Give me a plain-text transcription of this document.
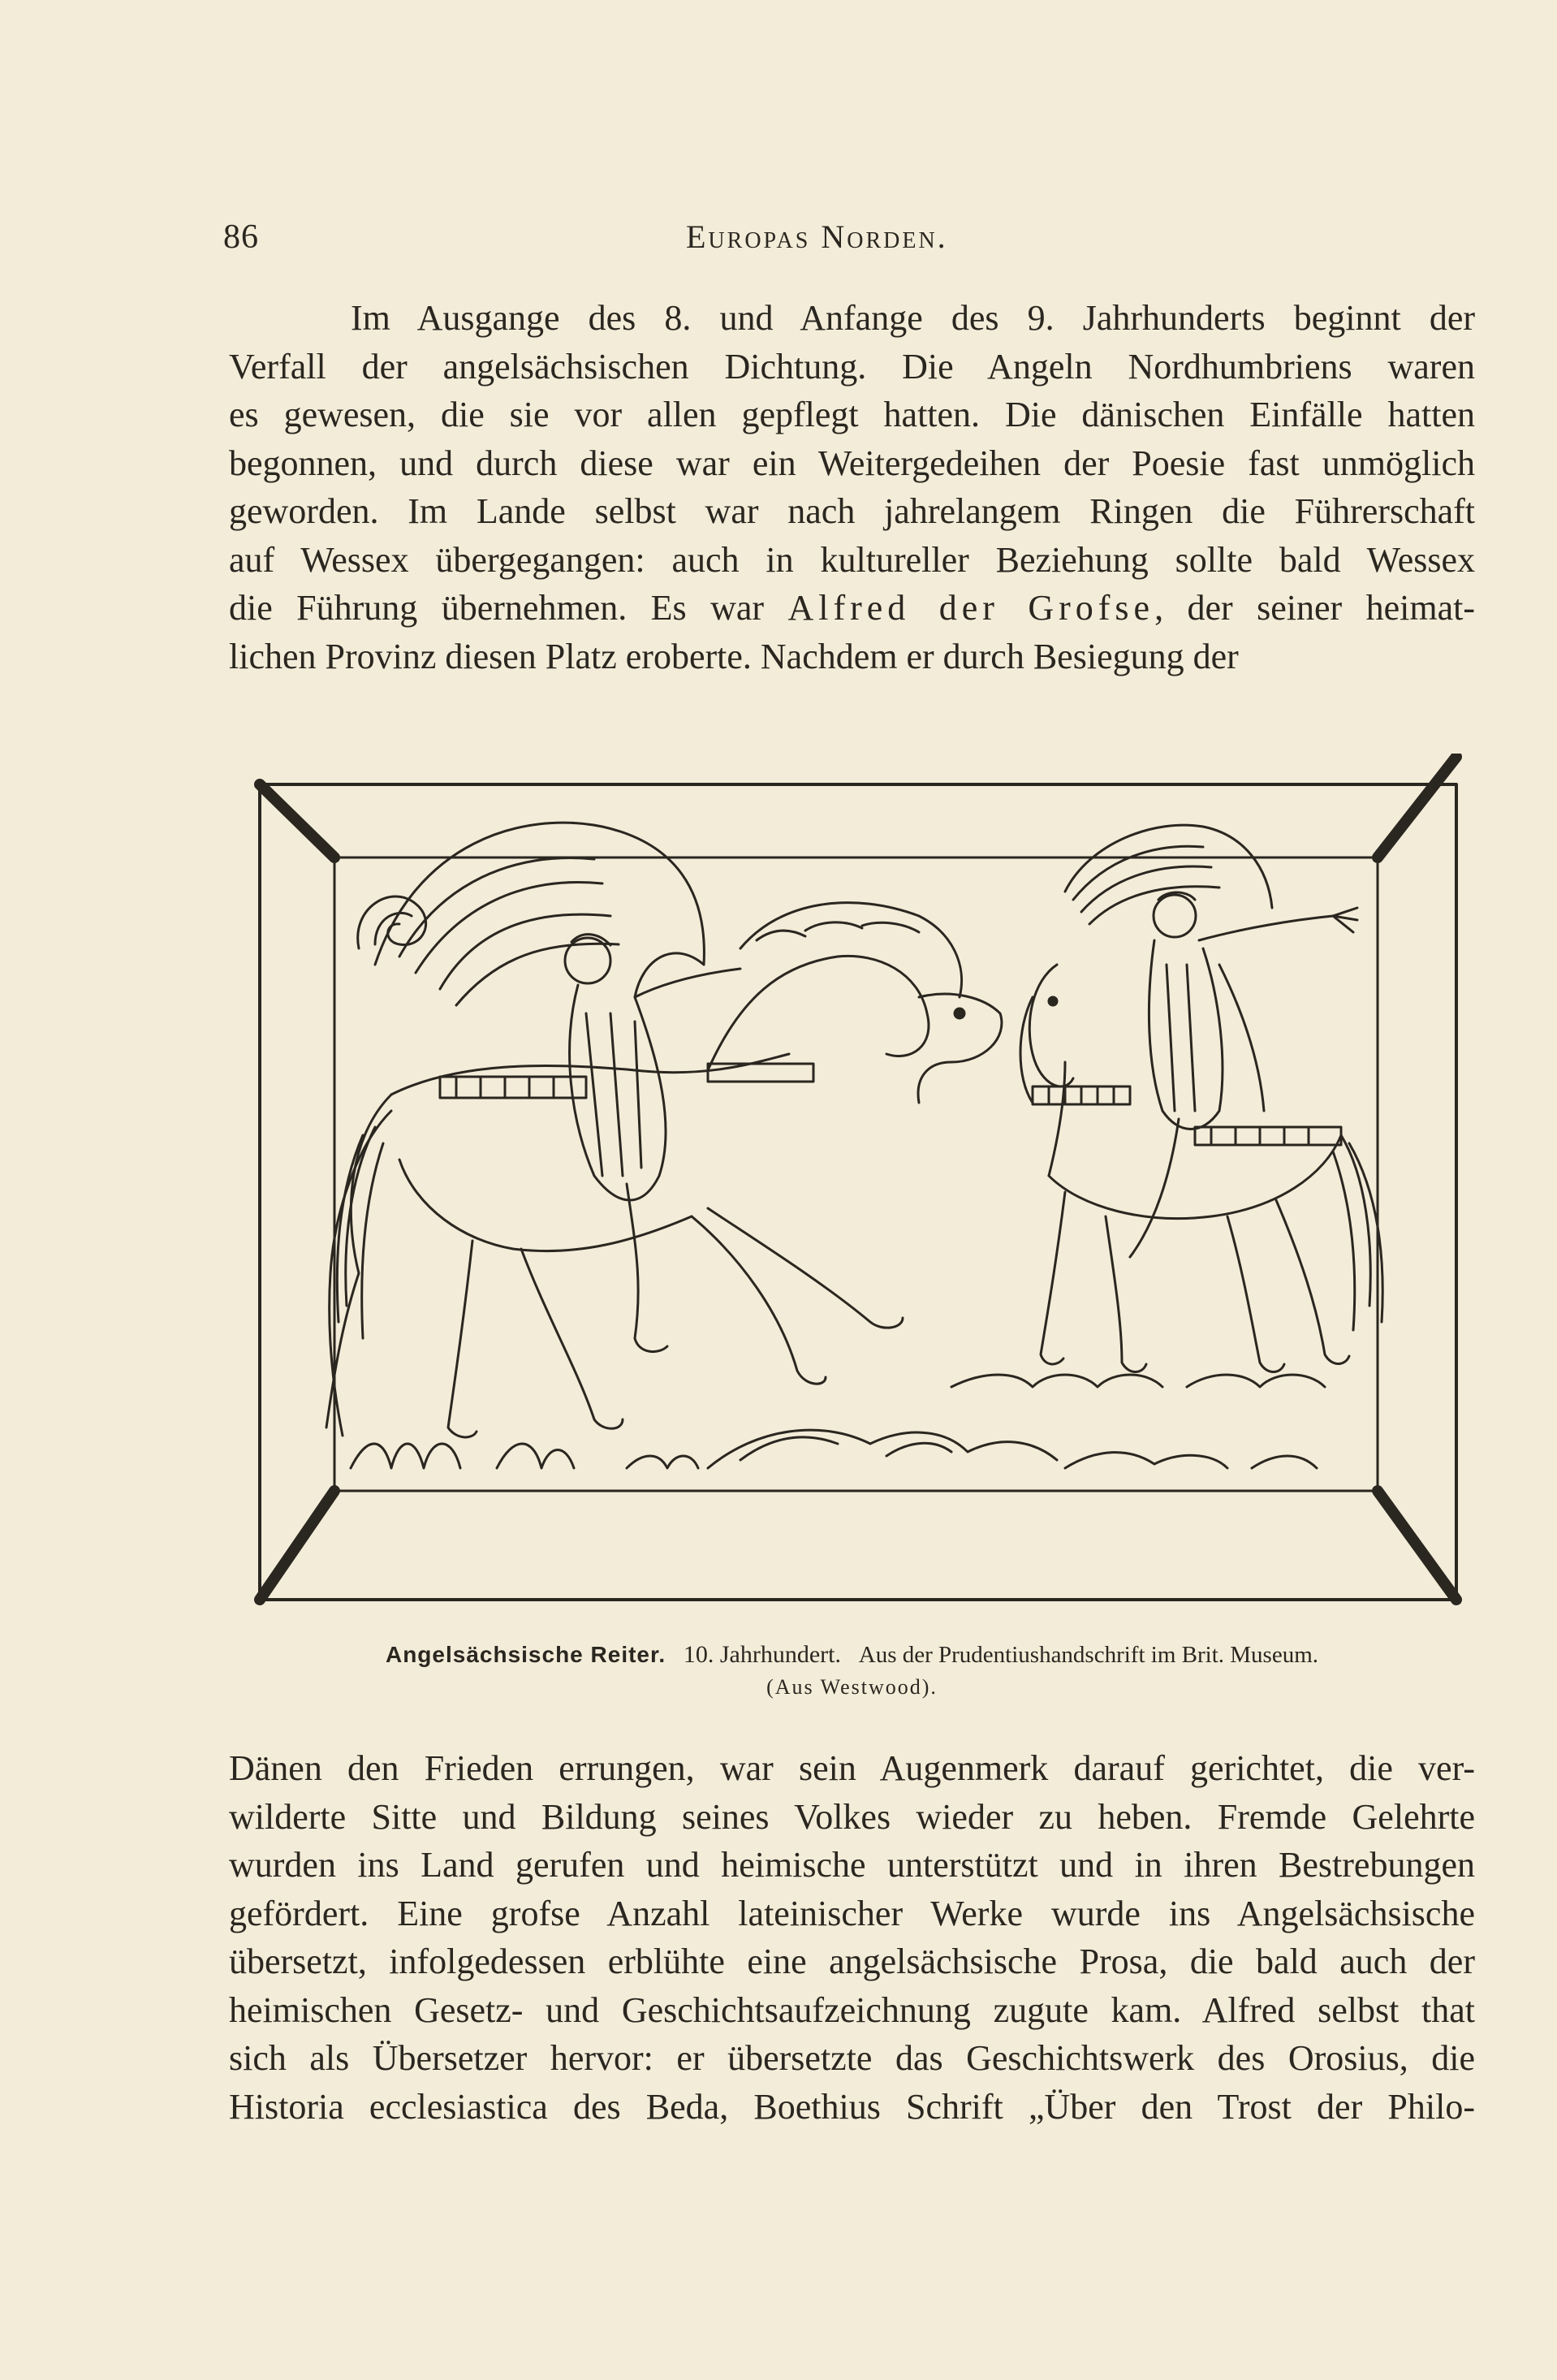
86	Europas Norden.
Im Ausgange des 8. und Anfange des 9. Jahrhunderts beginnt der
Verfall der angelsächsischen Dichtung. Die Angeln Nordhumbriens waren
es gewesen, die sie vor allen gepflegt hatten. Die dänischen Einfälle hatten
begonnen, und durch diese war ein Weitergedeihen der Poesie fast unmöglich
geworden. Im Lande selbst war nach jahrelangem Ringen die Führerschaft
auf Wessex übergegangen: auch in kultureller Beziehung sollte bald Wessex
die Führung übernehmen. Es war Alfred der Grofse, der seiner heimat-
lichen Provinz diesen Platz eroberte. Nachdem er durch Besiegung der
Angelsächsische Reiter. 10. Jahrhundert. Aus der Prudentiushandschrift im Brit. Museum.
(Aus Westwood).
Dänen den Frieden errungen, war sein Augenmerk darauf gerichtet, die ver-
wilderte Sitte und Bildung seines Volkes wieder zu heben. Fremde Gelehrte
wurden ins Land gerufen und heimische unterstützt und in ihren Bestrebungen
gefördert. Eine grofse Anzahl lateinischer Werke wurde ins Angelsächsische
übersetzt, infolgedessen erblühte eine angelsächsische Prosa, die bald auch der
heimischen Gesetz- und Geschichtsaufzeichnung zugute kam. Alfred selbst that
sich als Übersetzer hervor: er übersetzte das Geschichtswerk des Orosius, die
Historia ecclesiastica des Beda, Boethius Schrift „Über den Trost der Philo-
